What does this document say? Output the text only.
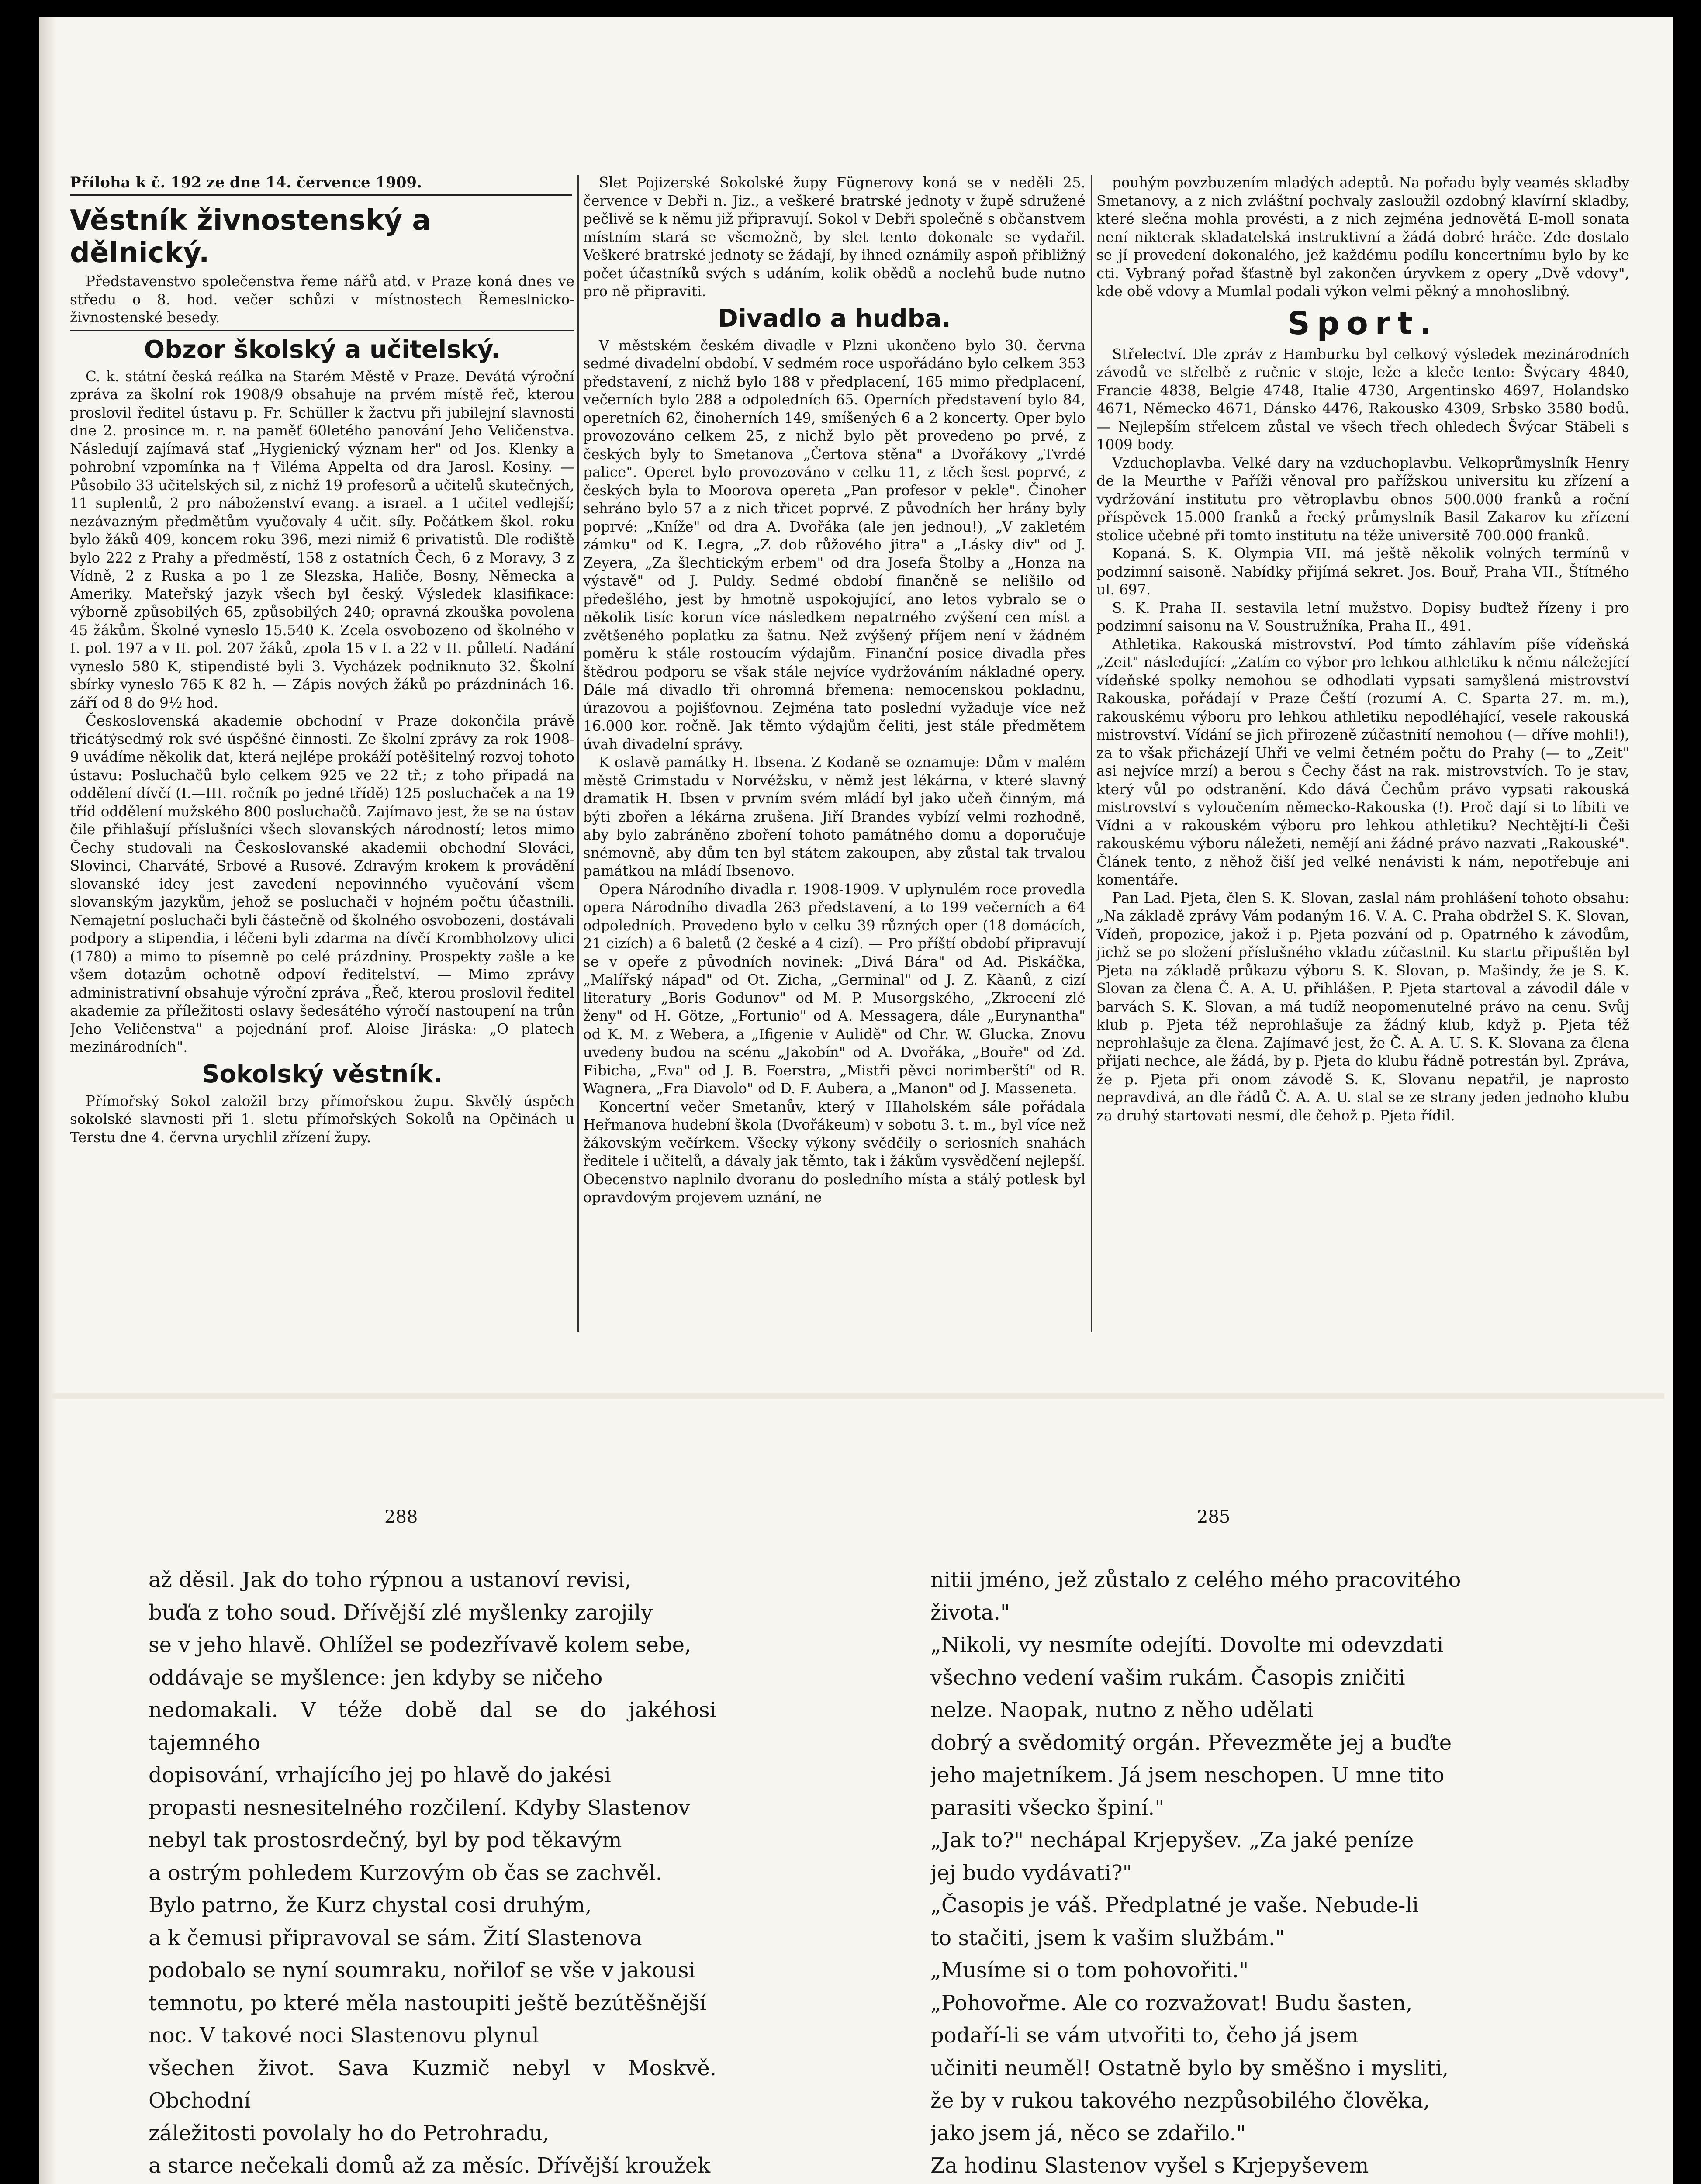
Příloha k č. 192 ze dne 14. července 1909.
Věstník živnostenský a dělnický.

Představenstvo společenstva řeme nářů atd. v Praze koná dnes ve středu o 8. hod. večer schůzi v místnostech Řemeslnicko-živnostenské besedy.

Obzor školský a učitelský.

C. k. státní česká reálka na Starém Městě v Praze. Devátá výroční zpráva za školní rok 1908/9 obsahuje na prvém místě řeč, kterou proslovil ředitel ústavu p. Fr. Schüller k žactvu při jubilejní slavnosti dne 2. prosince m. r. na paměť 60letého panování Jeho Veličenstva. Následují zajímavá stať „Hygienický význam her" od Jos. Klenky a pohrobní vzpomínka na † Viléma Appelta od dra Jarosl. Kosiny. — Působilo 33 učitelských sil, z nichž 19 profesorů a učitelů skutečných, 11 suplentů, 2 pro náboženství evang. a israel. a 1 učitel vedlejší; nezávazným předmětům vyučovaly 4 učit. síly. Počátkem škol. roku bylo žáků 409, koncem roku 396, mezi nimiž 6 privatistů. Dle rodiště bylo 222 z Prahy a předměstí, 158 z ostatních Čech, 6 z Moravy, 3 z Vídně, 2 z Ruska a po 1 ze Slezska, Haliče, Bosny, Německa a Ameriky. Mateřský jazyk všech byl český. Výsledek klasifikace: výborně způsobilých 65, způsobilých 240; opravná zkouška povolena 45 žákům. Školné vyneslo 15.540 K. Zcela osvobozeno od školného v I. pol. 197 a v II. pol. 207 žáků, zpola 15 v I. a 22 v II. půlletí. Nadání vyneslo 580 K, stipendisté byli 3. Vycházek podniknuto 32. Školní sbírky vyneslo 765 K 82 h. — Zápis nových žáků po prázdninách 16. září od 8 do 9½ hod.

Československá akademie obchodní v Praze dokončila právě třicátýsedmý rok své úspěšné činnosti. Ze školní zprávy za rok 1908-9 uvádíme několik dat, která nejlépe prokáží potěšitelný rozvoj tohoto ústavu: Posluchačů bylo celkem 925 ve 22 tř.; z toho připadá na oddělení dívčí (I.—III. ročník po jedné třídě) 125 posluchaček a na 19 tříd oddělení mužského 800 posluchačů. Zajímavo jest, že se na ústav čile přihlašují příslušníci všech slovanských národností; letos mimo Čechy studovali na Českoslovanské akademii obchodní Slováci, Slovinci, Charváté, Srbové a Rusové. Zdravým krokem k provádění slovanské idey jest zavedení nepovinného vyučování všem slovanským jazykům, jehož se posluchači v hojném počtu účastnili. Nemajetní posluchači byli částečně od školného osvobozeni, dostávali podpory a stipendia, i léčeni byli zdarma na dívčí Krombholzovy ulici (1780) a mimo to písemně po celé prázdniny. Prospekty zašle a ke všem dotazům ochotně odpoví ředitelství. — Mimo zprávy administrativní obsahuje výroční zpráva „Řeč, kterou proslovil ředitel akademie za příležitosti oslavy šedesátého výročí nastoupení na trůn Jeho Veličenstva" a pojednání prof. Aloise Jiráska: „O platech mezinárodních".

Sokolský věstník.

Přímořský Sokol založil brzy přímořskou župu. Skvělý úspěch sokolské slavnosti při 1. sletu přímořských Sokolů na Opčinách u Terstu dne 4. června urychlil zřízení župy.

Slet Pojizerské Sokolské župy Fügnerovy koná se v neděli 25. července v Debři n. Jiz., a veškeré bratrské jednoty v župě sdružené pečlivě se k němu již připravují. Sokol v Debři společně s občanstvem místním stará se všemožně, by slet tento dokonale se vydařil. Veškeré bratrské jednoty se žádají, by ihned oznámily aspoň přibližný počet účastníků svých s udáním, kolik obědů a noclehů bude nutno pro ně připraviti.

Divadlo a hudba.

V městském českém divadle v Plzni ukončeno bylo 30. června sedmé divadelní období. V sedmém roce uspořádáno bylo celkem 353 představení, z nichž bylo 188 v předplacení, 165 mimo předplacení, večerních bylo 288 a odpoledních 65. Operních představení bylo 84, operetních 62, činoherních 149, smíšených 6 a 2 koncerty. Oper bylo provozováno celkem 25, z nichž bylo pět provedeno po prvé, z českých byly to Smetanova „Čertova stěna" a Dvořákovy „Tvrdé palice". Operet bylo provozováno v celku 11, z těch šest poprvé, z českých byla to Moorova opereta „Pan profesor v pekle". Činoher sehráno bylo 57 a z nich třicet poprvé. Z původních her hrány byly poprvé: „Kníže" od dra A. Dvořáka (ale jen jednou!), „V zakletém zámku" od K. Legra, „Z dob růžového jitra" a „Lásky div" od J. Zeyera, „Za šlechtickým erbem" od dra Josefa Štolby a „Honza na výstavě" od J. Puldy. Sedmé období finančně se nelišilo od předešlého, jest by hmotně uspokojující, ano letos vybralo se o několik tisíc korun více následkem nepatrného zvýšení cen míst a zvětšeného poplatku za šatnu. Než zvýšený příjem není v žádném poměru k stále rostoucím výdajům. Finanční posice divadla přes štědrou podporu se však stále nejvíce vydržováním nákladné opery. Dále má divadlo tři ohromná břemena: nemocenskou pokladnu, úrazovou a pojišťovnou. Zejména tato poslední vyžaduje více než 16.000 kor. ročně. Jak těmto výdajům čeliti, jest stále předmětem úvah divadelní správy.

K oslavě památky H. Ibsena. Z Kodaně se oznamuje: Dům v malém městě Grimstadu v Norvéžsku, v němž jest lékárna, v které slavný dramatik H. Ibsen v prvním svém mládí byl jako učeň činným, má býti zbořen a lékárna zrušena. Jiří Brandes vybízí velmi rozhodně, aby bylo zabráněno zboření tohoto památného domu a doporučuje snémovně, aby dům ten byl státem zakoupen, aby zůstal tak trvalou památkou na mládí Ibsenovo.

Opera Národního divadla r. 1908-1909. V uplynulém roce provedla opera Národního divadla 263 představení, a to 199 večerních a 64 odpoledních. Provedeno bylo v celku 39 různých oper (18 domácích, 21 cizích) a 6 baletů (2 české a 4 cizí). — Pro příští období připravují se v opeře z původních novinek: „Divá Bára" od Ad. Piskáčka, „Malířský nápad" od Ot. Zicha, „Germinal" od J. Z. Kàanů, z cizí literatury „Boris Godunov" od M. P. Musorgského, „Zkrocení zlé ženy" od H. Götze, „Fortunio" od A. Messagera, dále „Eurynantha" od K. M. z Webera, a „Ifigenie v Aulidě" od Chr. W. Glucka. Znovu uvedeny budou na scénu „Jakobín" od A. Dvořáka, „Bouře" od Zd. Fibicha, „Eva" od J. B. Foerstra, „Mistři pěvci norimberští" od R. Wagnera, „Fra Diavolo" od D. F. Aubera, a „Manon" od J. Masseneta.

Koncertní večer Smetanův, který v Hlaholském sále pořádala Heřmanova hudební škola (Dvořákeum) v sobotu 3. t. m., byl více než žákovským večírkem. Všecky výkony svědčily o seriosních snahách ředitele i učitelů, a dávaly jak těmto, tak i žákům vysvědčení nejlepší. Obecenstvo naplnilo dvoranu do posledního místa a stálý potlesk byl opravdovým projevem uznání, ne

pouhým povzbuzením mladých adeptů. Na pořadu byly veamés skladby Smetanovy, a z nich zvláštní pochvaly zasloužil ozdobný klavírní skladby, které slečna mohla provésti, a z nich zejména jednovětá E-moll sonata není nikterak skladatelská instruktivní a žádá dobré hráče. Zde dostalo se jí provedení dokonalého, jež každému podílu koncertnímu bylo by ke cti. Vybraný pořad šťastně byl zakončen úryvkem z opery „Dvě vdovy", kde obě vdovy a Mumlal podali výkon velmi pěkný a mnohoslibný.

Sport.

Střelectví. Dle zpráv z Hamburku byl celkový výsledek mezinárodních závodů ve střelbě z ručnic v stoje, leže a kleče tento: Švýcary 4840, Francie 4838, Belgie 4748, Italie 4730, Argentinsko 4697, Holandsko 4671, Německo 4671, Dánsko 4476, Rakousko 4309, Srbsko 3580 bodů. — Nejlepším střelcem zůstal ve všech třech ohledech Švýcar Stäbeli s 1009 body.

Vzduchoplavba. Velké dary na vzduchoplavbu. Velkoprůmyslník Henry de la Meurthe v Paříži věnoval pro pařížskou universitu ku zřízení a vydržování institutu pro větroplavbu obnos 500.000 franků a roční příspěvek 15.000 franků a řecký průmyslník Basil Zakarov ku zřízení stolice učebné při tomto institutu na téže universitě 700.000 franků.

Kopaná. S. K. Olympia VII. má ještě několik volných termínů v podzimní saisoně. Nabídky přijímá sekret. Jos. Bouř, Praha VII., Štítného ul. 697.

S. K. Praha II. sestavila letní mužstvo. Dopisy buďtež řízeny i pro podzimní saisonu na V. Soustružníka, Praha II., 491.

Athletika. Rakouská mistrovství. Pod tímto záhlavím píše vídeňská „Zeit" následující: „Zatím co výbor pro lehkou athletiku k němu náležející vídeňské spolky nemohou se odhodlati vypsati samyšlená mistrovství Rakouska, pořádají v Praze Čeští (rozumí A. C. Sparta 27. m. m.), rakouskému výboru pro lehkou athletiku nepodléhající, vesele rakouská mistrovství. Vídání se jich přirozeně zúčastnití nemohou (— dříve mohli!), za to však přicházejí Uhři ve velmi četném počtu do Prahy (— to „Zeit" asi nejvíce mrzí) a berou s Čechy část na rak. mistrovstvích. To je stav, který vůl po odstranění. Kdo dává Čechům právo vypsati rakouská mistrovství s vyloučením německo-Rakouska (!). Proč dají si to líbiti ve Vídni a v rakouském výboru pro lehkou athletiku? Nechtějtí-li Češi rakouskému výboru náležeti, nemějí ani žádné právo nazvati „Rakouské". Článek tento, z něhož čiší jed velké nenávisti k nám, nepotřebuje ani komentáře.

Pan Lad. Pjeta, člen S. K. Slovan, zaslal nám prohlášení tohoto obsahu: „Na základě zprávy Vám podaným 16. V. A. C. Praha obdržel S. K. Slovan, Vídeň, propozice, jakož i p. Pjeta pozvání od p. Opatrného k závodům, jichž se po složení příslušného vkladu zúčastnil. Ku startu připuštěn byl Pjeta na základě průkazu výboru S. K. Slovan, p. Mašindy, že je S. K. Slovan za člena Č. A. A. U. přihlášen. P. Pjeta startoval a závodil dále v barvách S. K. Slovan, a má tudíž neopomenutelné právo na cenu. Svůj klub p. Pjeta též neprohlašuje za žádný klub, když p. Pjeta též neprohlašuje za člena. Zajímavé jest, že Č. A. A. U. S. K. Slovana za člena přijati nechce, ale žádá, by p. Pjeta do klubu řádně potrestán byl. Zpráva, že p. Pjeta při onom závodě S. K. Slovanu nepatřil, je naprosto nepravdivá, an dle řádů Č. A. A. U. stal se ze strany jeden jednoho klubu za druhý startovati nesmí, dle čehož p. Pjeta řídil.

288	285

až děsil. Jak do toho rýpnou a ustanoví revisi,

buďa z toho soud. Dřívější zlé myšlenky zarojily

se v jeho hlavě. Ohlížel se podezřívavě kolem sebe,

oddávaje se myšlence: jen kdyby se ničeho

nedomakali. V téže době dal se do jakéhosi tajemného

dopisování, vrhajícího jej po hlavě do jakési

propasti nesnesitelného rozčilení. Kdyby Slastenov

nebyl tak prostosrdečný, byl by pod těkavým

a ostrým pohledem Kurzovým ob čas se zachvěl.

Bylo patrno, že Kurz chystal cosi druhým,

a k čemusi připravoval se sám. Žití Slastenova

podobalo se nyní soumraku, nořilof se vše v jakousi

temnotu, po které měla nastoupiti ještě bezútěšnější

noc. V takové noci Slastenovu plynul

všechen život. Sava Kuzmič nebyl v Moskvě. Obchodní

záležitosti povolaly ho do Petrohradu,

a starce nečekali domů až za měsíc. Dřívější kroužek

nitii jméno, jež zůstalo z celého mého pracovitého

života."

„Nikoli, vy nesmíte odejíti. Dovolte mi odevzdati

všechno vedení vašim rukám. Časopis zničiti

nelze. Naopak, nutno z něho udělati

dobrý a svědomitý orgán. Převezměte jej a buďte

jeho majetníkem. Já jsem neschopen. U mne tito

parasiti všecko špiní."

„Jak to?" nechápal Krjepyšev. „Za jaké peníze

jej budo vydávati?"

„Časopis je váš. Předplatné je vaše. Nebude-li

to stačiti, jsem k vašim službám."

„Musíme si o tom pohovořiti."

„Pohovořme. Ale co rozvažovat! Budu šasten,

podaří-li se vám utvořiti to, čeho já jsem

učiniti neuměl! Ostatně bylo by směšno i mysliti,

že by v rukou takového nezpůsobilého člověka,

jako jsem já, něco se zdařilo."

Za hodinu Slastenov vyšel s Krjepyševem
